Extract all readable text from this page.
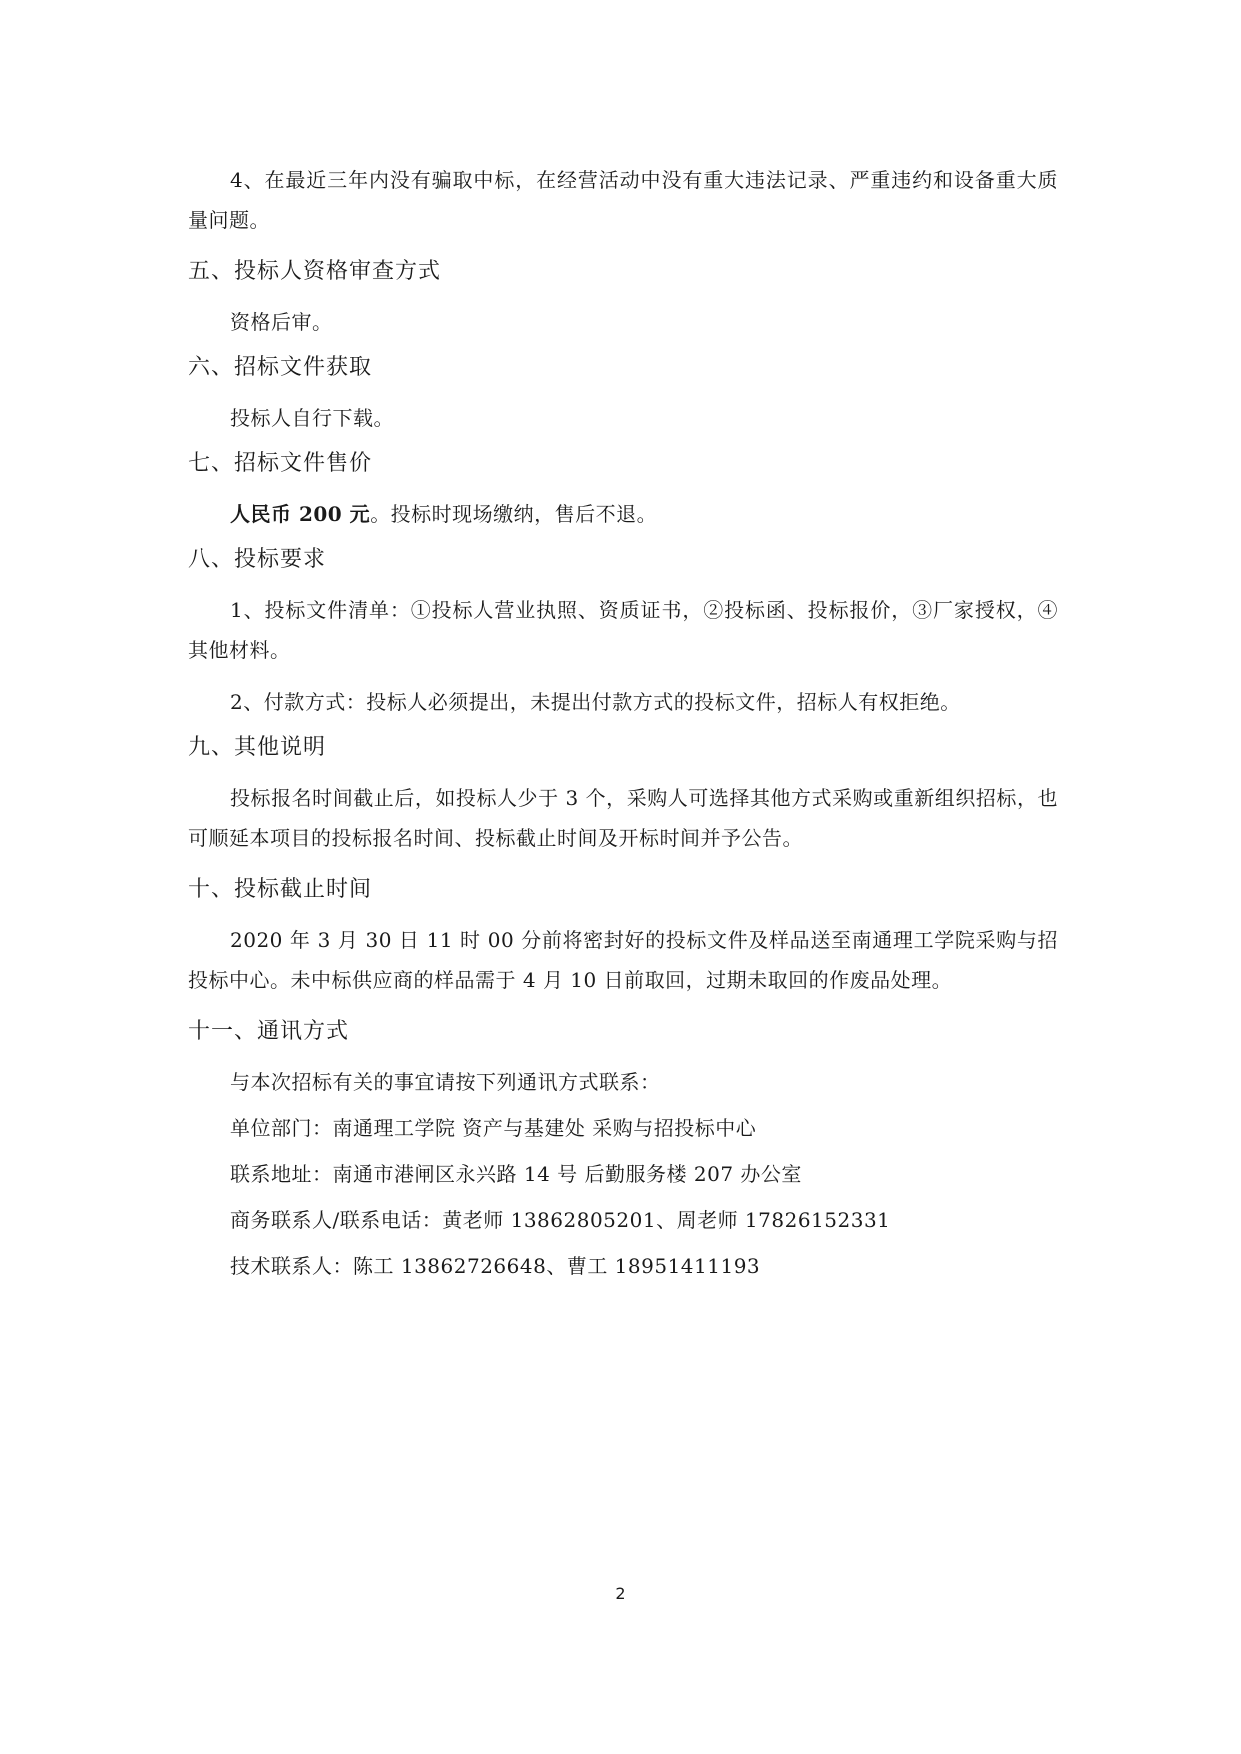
4、在最近三年内没有骗取中标，在经营活动中没有重大违法记录、严重违约和设备重大质量问题。

五、投标人资格审查方式

资格后审。

六、招标文件获取

投标人自行下载。

七、招标文件售价

人民币 200 元。投标时现场缴纳，售后不退。

八、投标要求

1、投标文件清单：①投标人营业执照、资质证书，②投标函、投标报价，③厂家授权，④其他材料。

2、付款方式：投标人必须提出，未提出付款方式的投标文件，招标人有权拒绝。

九、其他说明

投标报名时间截止后，如投标人少于 3 个，采购人可选择其他方式采购或重新组织招标，也可顺延本项目的投标报名时间、投标截止时间及开标时间并予公告。

十、投标截止时间

2020 年 3 月 30 日 11 时 00 分前将密封好的投标文件及样品送至南通理工学院采购与招投标中心。未中标供应商的样品需于 4 月 10 日前取回，过期未取回的作废品处理。

十一、通讯方式

与本次招标有关的事宜请按下列通讯方式联系：

单位部门：南通理工学院 资产与基建处 采购与招投标中心

联系地址：南通市港闸区永兴路 14 号 后勤服务楼 207 办公室

商务联系人/联系电话：黄老师 13862805201、周老师 17826152331

技术联系人：陈工 13862726648、曹工 18951411193

2
